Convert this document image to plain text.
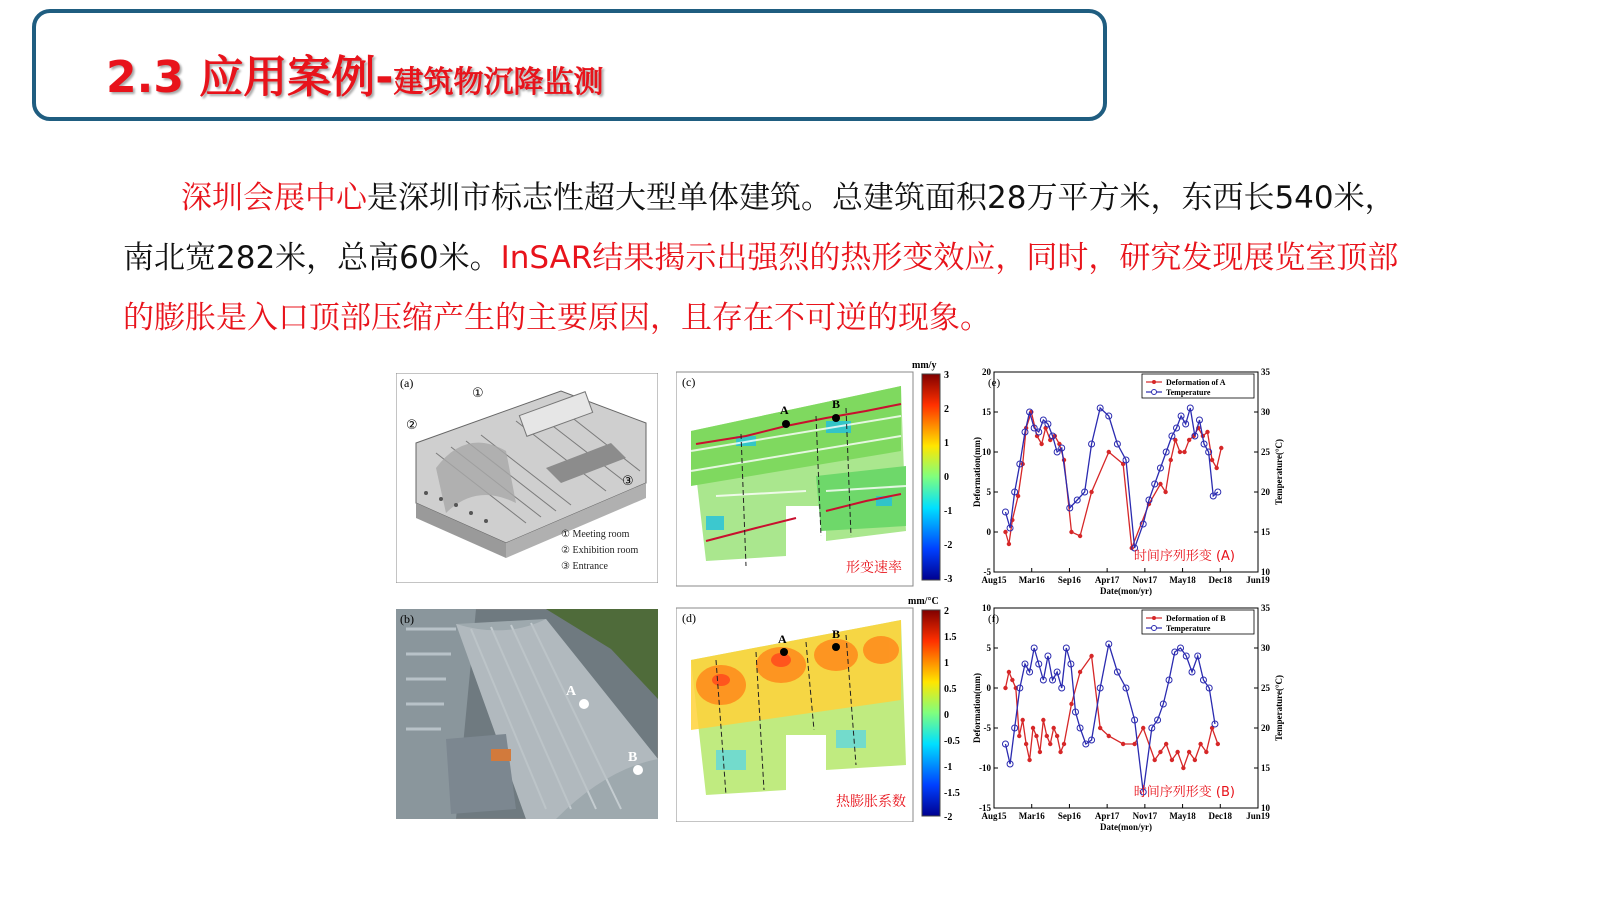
2.3 应用案例-建筑物沉降监测
深圳会展中心是深圳市标志性超大型单体建筑。总建筑面积28万平方米，东西长540米，南北宽282米，总高60米。InSAR结果揭示出强烈的热形变效应，同时，研究发现展览室顶部的膨胀是入口顶部压缩产生的主要原因，且存在不可逆的现象。
(a)
①
②
③
① Meeting room
② Exhibition room
③ Entrance
(b)
A
B
(c)
A	B
形变速率
mm/y
3
2
1
0
-1
-2
-3
(d)
A	B
热膨胀系数
mm/°C
2
1.5
1
0.5
0
-0.5
-1
-1.5
-2
-5
0
5
10
15
20
10
15
20
25
30
35
Aug15 Mar16 Sep16 Apr17 Nov17 May18 Dec18 Jun19
Date(mon/yr)
Deformation(mm)	Temperature(°C)
Deformation of A
Temperature
(e)
时间序列形变 (A)
-15
-10
-5
0
5
10
10
15
20
25
30
35
Aug15 Mar16 Sep16 Apr17 Nov17 May18 Dec18 Jun19
Date(mon/yr)
Deformation(mm)	Temperature(°C)
Deformation of B
Temperature
(f)
时间序列形变 (B)
